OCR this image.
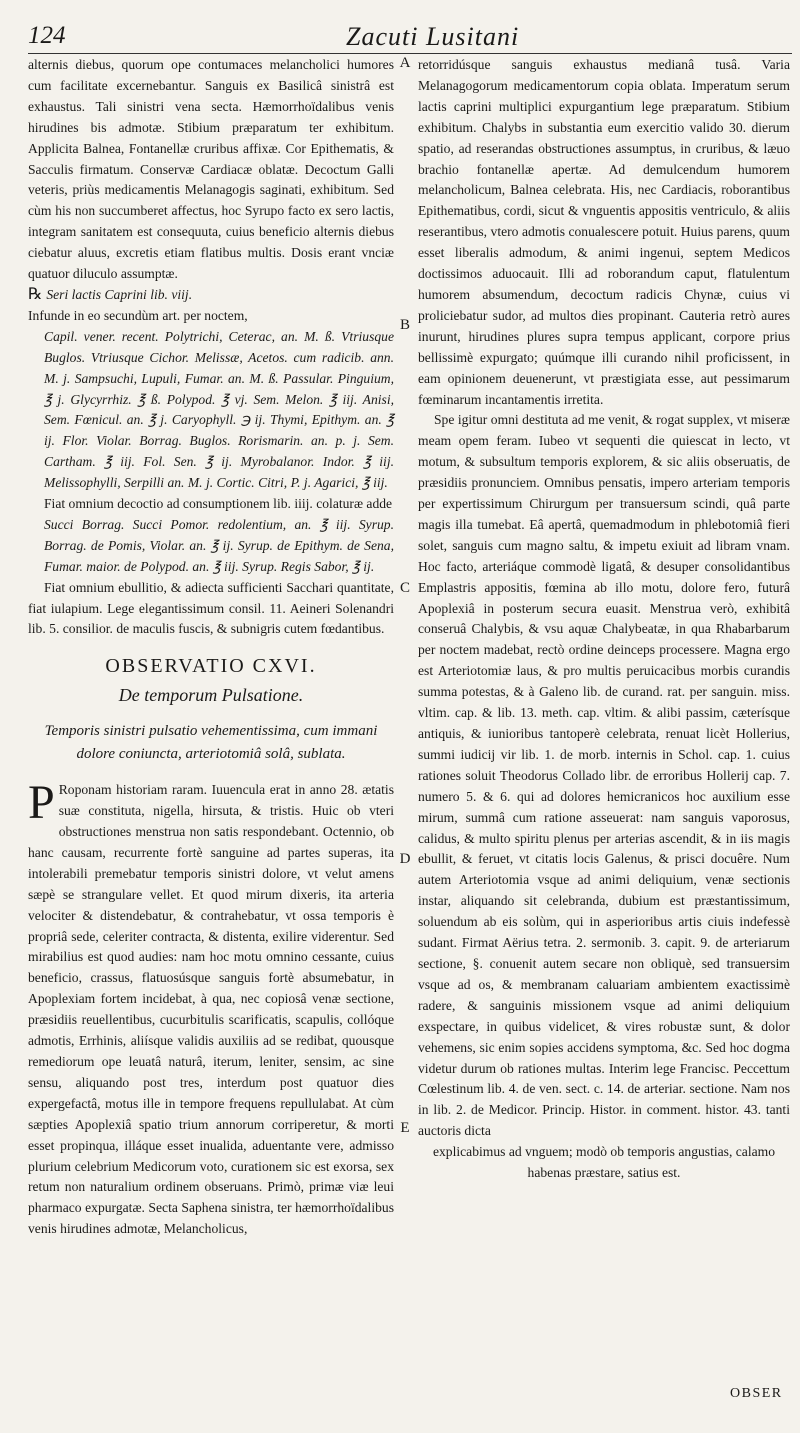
124	Zacuti Lusitani

alternis diebus, quorum ope contumaces melancholici humores cum facilitate excernebantur. Sanguis ex Basilicâ sinistrâ est exhaustus. Tali sinistri vena secta. Hæmorrhoïdalibus venis hirudines bis admotæ. Stibium præparatum ter exhibitum. Applicita Balnea, Fontanellæ cruribus affixæ. Cor Epithematis, & Sacculis firmatum. Conservæ Cardiacæ oblatæ. Decoctum Galli veteris, priùs medicamentis Melanagogis saginati, exhibitum. Sed cùm his non succumberet affectus, hoc Syrupo facto ex sero lactis, integram sanitatem est consequuta, cuius beneficio alternis diebus ciebatur aluus, excretis etiam flatibus multis. Dosis erant vnciæ quatuor diluculo assumptæ.

℞ Seri lactis Caprini lib. viij.

Infunde in eo secundùm art. per noctem,

Capil. vener. recent. Polytrichi, Ceterac, an. M. ß. Vtriusque Buglos. Vtriusque Cichor. Melissæ, Acetos. cum radicib. ann. M. j. Sampsuchi, Lupuli, Fumar. an. M. ß. Passular. Pinguium, ℥ j. Glycyrrhiz. ℥ ß. Polypod. ℥ vj. Sem. Melon. ℥ iij. Anisi, Sem. Fœnicul. an. ℥ j. Caryophyll. ℈ ij. Thymi, Epithym. an. ℥ ij. Flor. Violar. Borrag. Buglos. Rorismarin. an. p. j. Sem. Cartham. ℥ iij. Fol. Sen. ℥ ij. Myrobalanor. Indor. ℥ iij. Melissophylli, Serpilli an. M. j. Cortic. Citri, P. j. Agarici, ℥ iij.

Fiat omnium decoctio ad consumptionem lib. iiij. colaturæ adde

Succi Borrag. Succi Pomor. redolentium, an. ℥ iij. Syrup. Borrag. de Pomis, Violar. an. ℥ ij. Syrup. de Epithym. de Sena, Fumar. maior. de Polypod. an. ℥ iij. Syrup. Regis Sabor, ℥ ij.

Fiat omnium ebullitio, & adiecta sufficienti Sacchari quantitate, fiat iulapium. Lege elegantissimum consil. 11. Aeineri Solenandri lib. 5. consilior. de maculis fuscis, & subnigris cutem fœdantibus.

OBSERVATIO CXVI.
De temporum Pulsatione.
Temporis sinistri pulsatio vehementissima, cum immani dolore coniuncta, arteriotomiâ solâ, sublata.

P Roponam historiam raram. Iuuencula erat in anno 28. ætatis suæ constituta, nigella, hirsuta, & tristis. Huic ob vteri obstructiones menstrua non satis respondebant. Octennio, ob hanc causam, recurrente fortè sanguine ad partes superas, ita intolerabili premebatur temporis sinistri dolore, vt velut amens sæpè se strangulare vellet. Et quod mirum dixeris, ita arteria velociter & distendebatur, & contrahebatur, vt ossa temporis è propriâ sede, celeriter contracta, & distenta, exilire viderentur. Sed mirabilius est quod audies: nam hoc motu omnino cessante, cuius beneficio, crassus, flatuosúsque sanguis fortè absumebatur, in Apoplexiam fortem incidebat, à qua, nec copiosâ venæ sectione, præsidiis reuellentibus, cucurbitulis scarificatis, scapulis, collóque admotis, Errhinis, aliísque validis auxiliis ad se redibat, quousque remediorum ope leuatâ naturâ, iterum, leniter, sensim, ac sine sensu, aliquando post tres, interdum post quatuor dies expergefactâ, motus ille in tempore frequens repullulabat. At cùm sæpties Apoplexiâ spatio trium annorum corriperetur, & morti esset propinqua, illáque esset inualida, aduentante vere, admisso plurium celebrium Medicorum voto, curationem sic est exorsa, sex retum non naturalium ordinem obseruans. Primò, primæ viæ leui pharmaco expurgatæ. Secta Saphena sinistra, ter hæmorrhoïdalibus venis hirudines admotæ, Melancholicus,

A
B
C
D
E

retorridúsque sanguis exhaustus medianâ tusâ. Varia Melanagogorum medicamentorum copia oblata. Imperatum serum lactis caprini multiplici expurgantium lege præparatum. Stibium exhibitum. Chalybs in substantia eum exercitio valido 30. dierum spatio, ad reserandas obstructiones assumptus, in cruribus, & læuo brachio fontanellæ apertæ. Ad demulcendum humorem melancholicum, Balnea celebrata. His, nec Cardiacis, roborantibus Epithematibus, cordi, sicut & vnguentis appositis ventriculo, & aliis reserantibus, vtero admotis conualescere potuit. Huius parens, quum esset liberalis admodum, & animi ingenui, septem Medicos doctissimos aduocauit. Illi ad roborandum caput, flatulentum humorem absumendum, decoctum radicis Chynæ, cuius vi proliciebatur sudor, ad multos dies propinant. Cauteria retrò aures inurunt, hirudines plures supra tempus applicant, corpore prius bellissimè expurgato; quúmque illi curando nihil proficissent, in eam opinionem deuenerunt, vt præstigiata esse, aut pessimarum fœminarum incantamentis irretita.

Spe igitur omni destituta ad me venit, & rogat supplex, vt miseræ meam opem feram. Iubeo vt sequenti die quiescat in lecto, vt motum, & subsultum temporis explorem, & sic aliis obseruatis, de præsidiis pronunciem. Omnibus pensatis, impero arteriam temporis per expertissimum Chirurgum per transuersum scindi, quâ parte magis illa tumebat. Eâ apertâ, quemadmodum in phlebotomiâ fieri solet, sanguis cum magno saltu, & impetu exiuit ad libram vnam. Hoc facto, arteriáque commodè ligatâ, & desuper consolidantibus Emplastris appositis, fœmina ab illo motu, dolore fero, futurâ Apoplexiâ in posterum secura euasit. Menstrua verò, exhibitâ conseruâ Chalybis, & vsu aquæ Chalybeatæ, in qua Rhabarbarum per noctem madebat, rectò ordine deinceps processere. Magna ergo est Arteriotomiæ laus, & pro multis peruicacibus morbis curandis summa potestas, & à Galeno lib. de curand. rat. per sanguin. miss. vltim. cap. & lib. 13. meth. cap. vltim. & alibi passim, cæterísque antiquis, & iunioribus tantoperè celebrata, renuat licèt Hollerius, summi iudicij vir lib. 1. de morb. internis in Schol. cap. 1. cuius rationes soluit Theodorus Collado libr. de erroribus Hollerij cap. 7. numero 5. & 6. qui ad dolores hemicranicos hoc auxilium esse mirum, summâ cum ratione asseuerat: nam sanguis vaporosus, calidus, & multo spiritu plenus per arterias ascendit, & in iis magis ebullit, & feruet, vt citatis locis Galenus, & prisci docuêre. Num autem Arteriotomia vsque ad animi deliquium, venæ sectionis instar, aliquando sit celebranda, dubium est præstantissimum, soluendum ab eis solùm, qui in asperioribus artis ciuis indefessè sudant. Firmat Aërius tetra. 2. sermonib. 3. capit. 9. de arteriarum sectione, §. conuenit autem secare non obliquè, sed transuersim vsque ad os, & membranam caluariam ambientem exactissimè radere, & sanguinis missionem vsque ad animi deliquium exspectare, in quibus videlicet, & vires robustæ sunt, & dolor vehemens, sic enim sopies accidens symptoma, &c. Sed hoc dogma videtur durum ob rationes multas. Interim lege Francisc. Peccettum Cœlestinum lib. 4. de ven. sect. c. 14. de arteriar. sectione. Nam nos in lib. 2. de Medicor. Princip. Histor. in comment. histor. 43. tanti auctoris dicta

explicabimus ad vnguem; modò ob temporis angustias, calamo habenas præstare, satius est.

OBSER
